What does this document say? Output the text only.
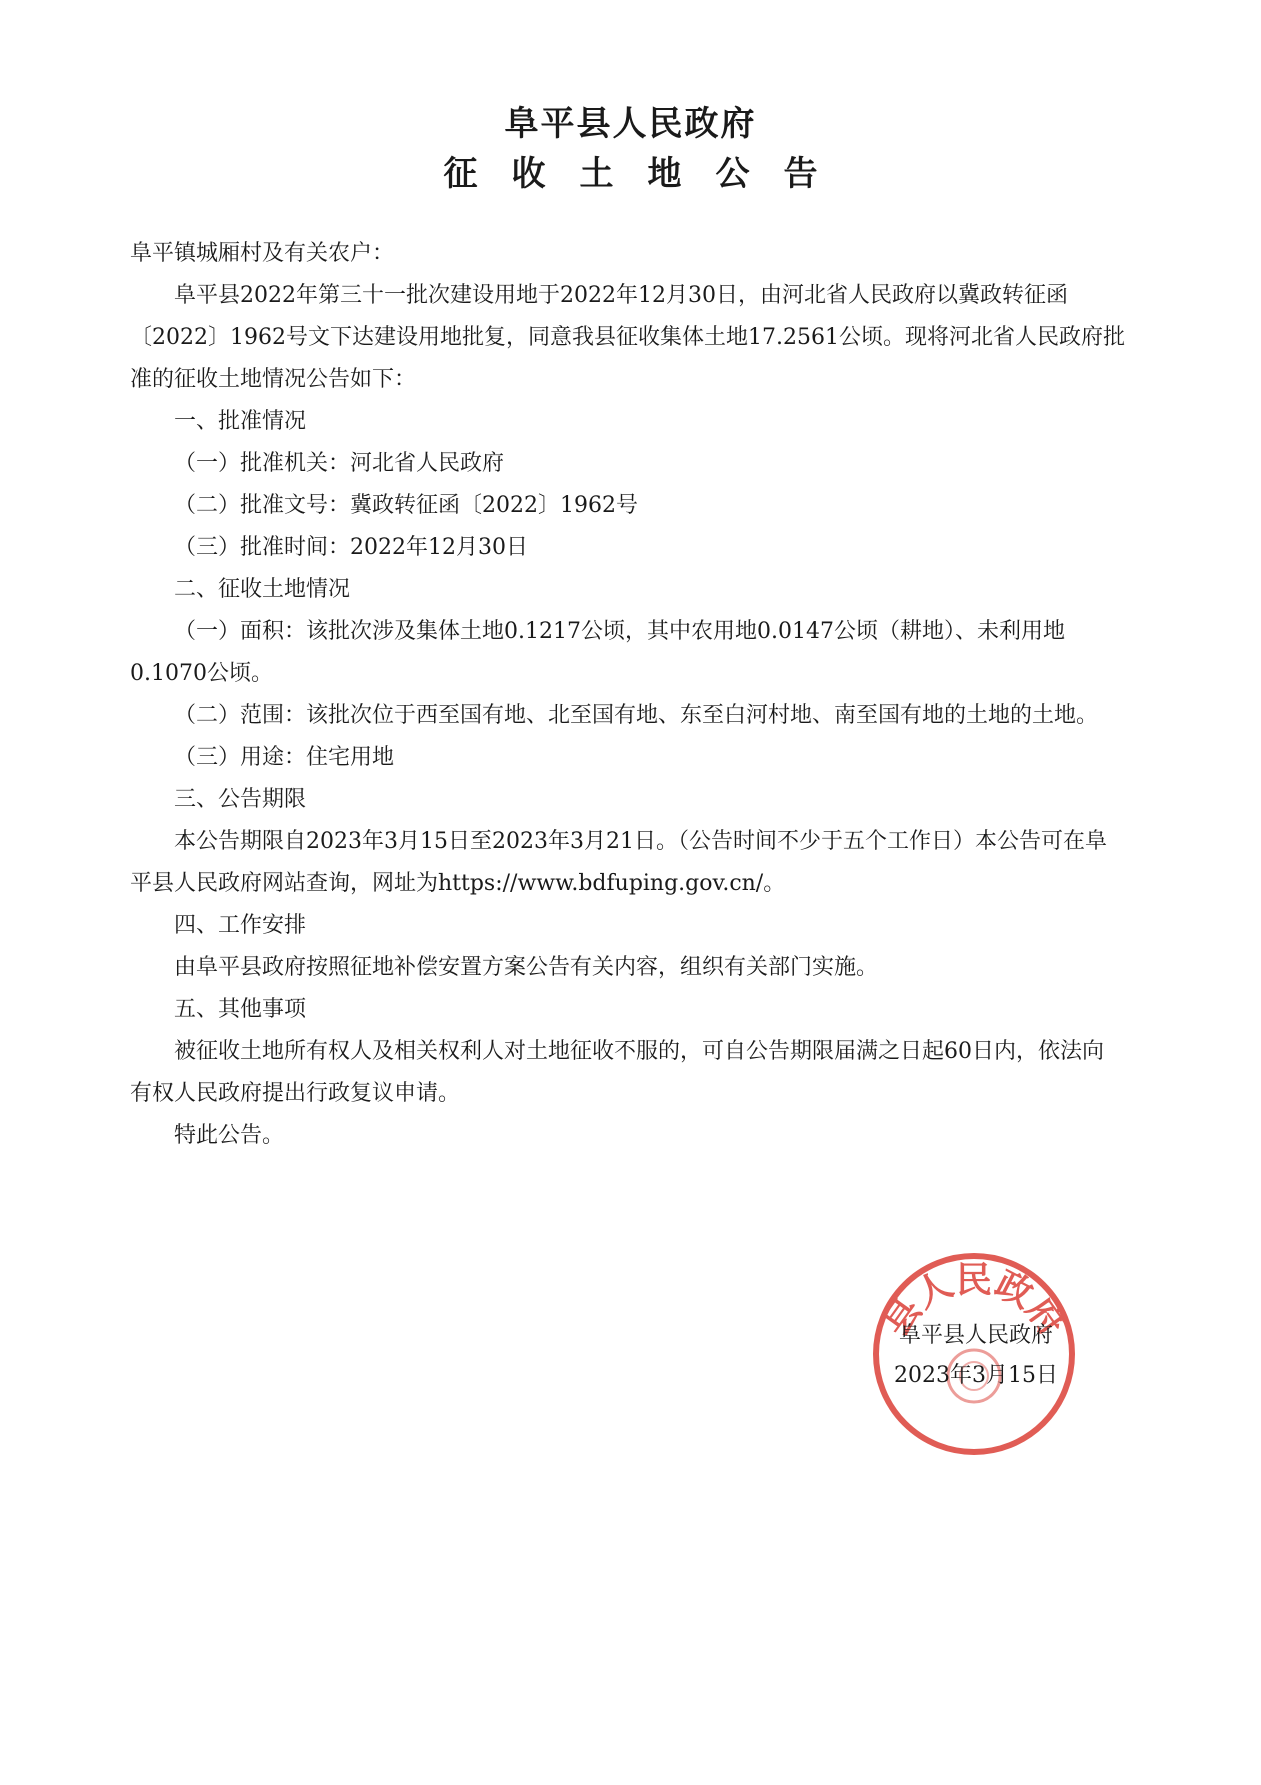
阜平县人民政府
征收土地公告

阜平镇城厢村及有关农户：

阜平县2022年第三十一批次建设用地于2022年12月30日，由河北省人民政府以冀政转征函〔2022〕1962号文下达建设用地批复，同意我县征收集体土地17.2561公顷。现将河北省人民政府批准的征收土地情况公告如下：

一、批准情况

（一）批准机关：河北省人民政府

（二）批准文号：冀政转征函〔2022〕1962号

（三）批准时间：2022年12月30日

二、征收土地情况

（一）面积：该批次涉及集体土地0.1217公顷，其中农用地0.0147公顷（耕地）、未利用地0.1070公顷。

（二）范围：该批次位于西至国有地、北至国有地、东至白河村地、南至国有地的土地的土地。

（三）用途：住宅用地

三、公告期限

本公告期限自2023年3月15日至2023年3月21日。（公告时间不少于五个工作日）本公告可在阜平县人民政府网站查询，网址为https://www.bdfuping.gov.cn/。

四、工作安排

由阜平县政府按照征地补偿安置方案公告有关内容，组织有关部门实施。

五、其他事项

被征收土地所有权人及相关权利人对土地征收不服的，可自公告期限届满之日起60日内，依法向有权人民政府提出行政复议申请。

特此公告。

县人民政府
阜平县人民政府
2023年3月15日
